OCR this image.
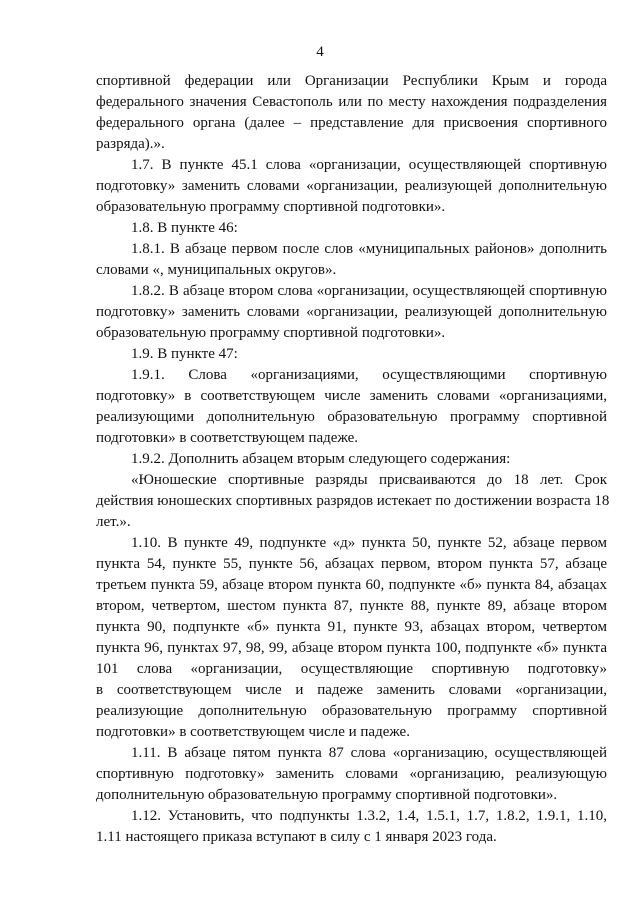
4
спортивной федерации или Организации Республики Крым и города
федерального значения Севастополь или по месту нахождения подразделения
федерального органа (далее – представление для присвоения спортивного
разряда).».
1.7. В пункте 45.1 слова «организации, осуществляющей спортивную
подготовку» заменить словами «организации, реализующей дополнительную
образовательную программу спортивной подготовки».
1.8. В пункте 46:
1.8.1. В абзаце первом после слов «муниципальных районов» дополнить
словами «, муниципальных округов».
1.8.2. В абзаце втором слова «организации, осуществляющей спортивную
подготовку» заменить словами «организации, реализующей дополнительную
образовательную программу спортивной подготовки».
1.9. В пункте 47:
1.9.1. Слова «организациями, осуществляющими спортивную
подготовку» в соответствующем числе заменить словами «организациями,
реализующими дополнительную образовательную программу спортивной
подготовки» в соответствующем падеже.
1.9.2. Дополнить абзацем вторым следующего содержания:
«Юношеские спортивные разряды присваиваются до 18 лет. Срок
действия юношеских спортивных разрядов истекает по достижении возраста 18
лет.».
1.10. В пункте 49, подпункте «д» пункта 50, пункте 52, абзаце первом
пункта 54, пункте 55, пункте 56, абзацах первом, втором пункта 57, абзаце
третьем пункта 59, абзаце втором пункта 60, подпункте «б» пункта 84, абзацах
втором, четвертом, шестом пункта 87, пункте 88, пункте 89, абзаце втором
пункта 90, подпункте «б» пункта 91, пункте 93, абзацах втором, четвертом
пункта 96, пунктах 97, 98, 99, абзаце втором пункта 100, подпункте «б» пункта
101 слова «организации, осуществляющие спортивную подготовку»
в соответствующем числе и падеже заменить словами «организации,
реализующие дополнительную образовательную программу спортивной
подготовки» в соответствующем числе и падеже.
1.11. В абзаце пятом пункта 87 слова «организацию, осуществляющей
спортивную подготовку» заменить словами «организацию, реализующую
дополнительную образовательную программу спортивной подготовки».
1.12. Установить, что подпункты 1.3.2, 1.4, 1.5.1, 1.7, 1.8.2, 1.9.1, 1.10,
1.11 настоящего приказа вступают в силу с 1 января 2023 года.
